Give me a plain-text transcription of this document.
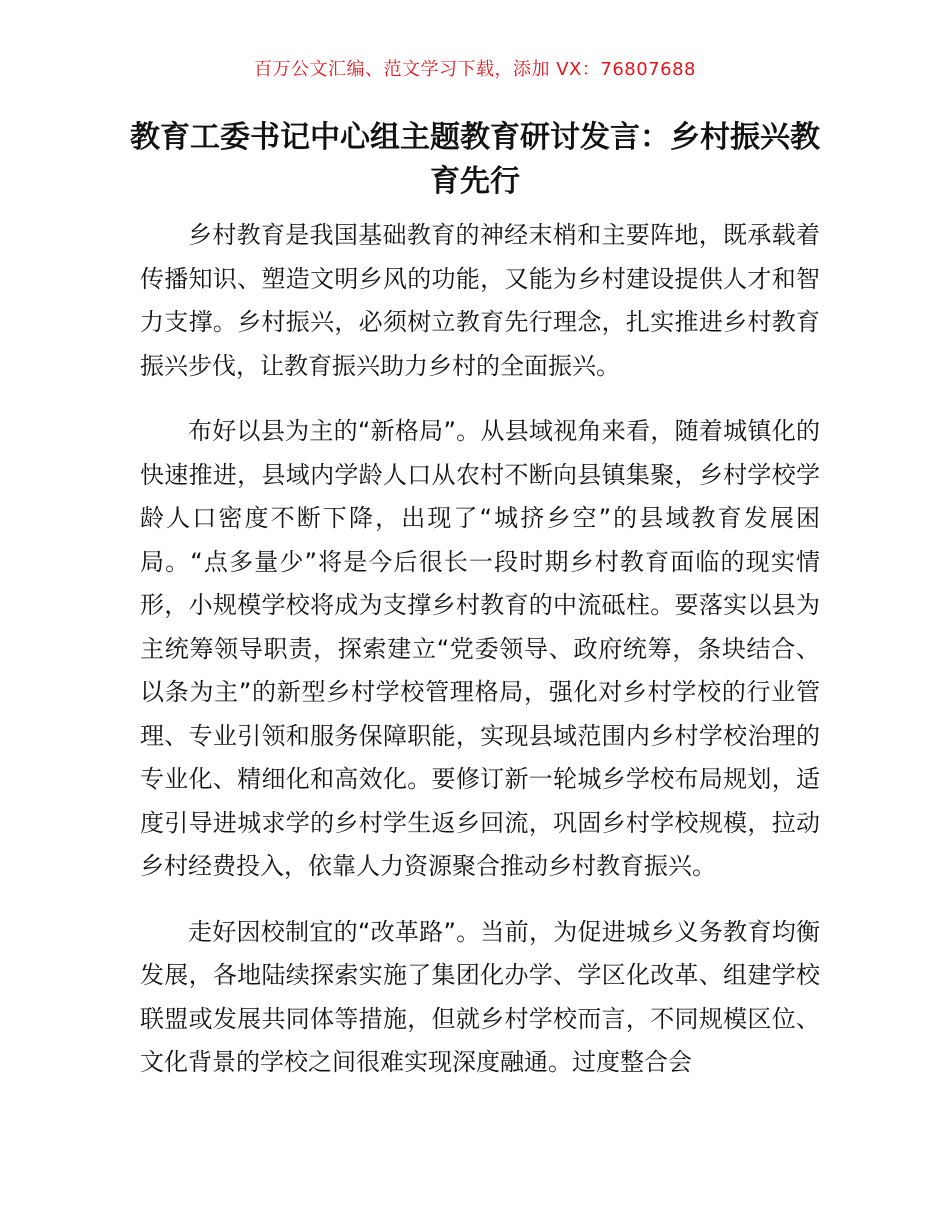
百万公文汇编、范文学习下载，添加 VX：76807688
教育工委书记中心组主题教育研讨发言：乡村振兴教育先行

乡村教育是我国基础教育的神经末梢和主要阵地，既承载着传播知识、塑造文明乡风的功能，又能为乡村建设提供人才和智力支撑。乡村振兴，必须树立教育先行理念，扎实推进乡村教育振兴步伐，让教育振兴助力乡村的全面振兴。

布好以县为主的“新格局”。从县域视角来看，随着城镇化的快速推进，县域内学龄人口从农村不断向县镇集聚，乡村学校学龄人口密度不断下降，出现了“城挤乡空”的县域教育发展困局。“点多量少”将是今后很长一段时期乡村教育面临的现实情形，小规模学校将成为支撑乡村教育的中流砥柱。要落实以县为主统筹领导职责，探索建立“党委领导、政府统筹，条块结合、以条为主”的新型乡村学校管理格局，强化对乡村学校的行业管理、专业引领和服务保障职能，实现县域范围内乡村学校治理的专业化、精细化和高效化。要修订新一轮城乡学校布局规划，适度引导进城求学的乡村学生返乡回流，巩固乡村学校规模，拉动乡村经费投入，依靠人力资源聚合推动乡村教育振兴。

走好因校制宜的“改革路”。当前，为促进城乡义务教育均衡发展，各地陆续探索实施了集团化办学、学区化改革、组建学校联盟或发展共同体等措施，但就乡村学校而言，不同规模区位、文化背景的学校之间很难实现深度融通。过度整合会
